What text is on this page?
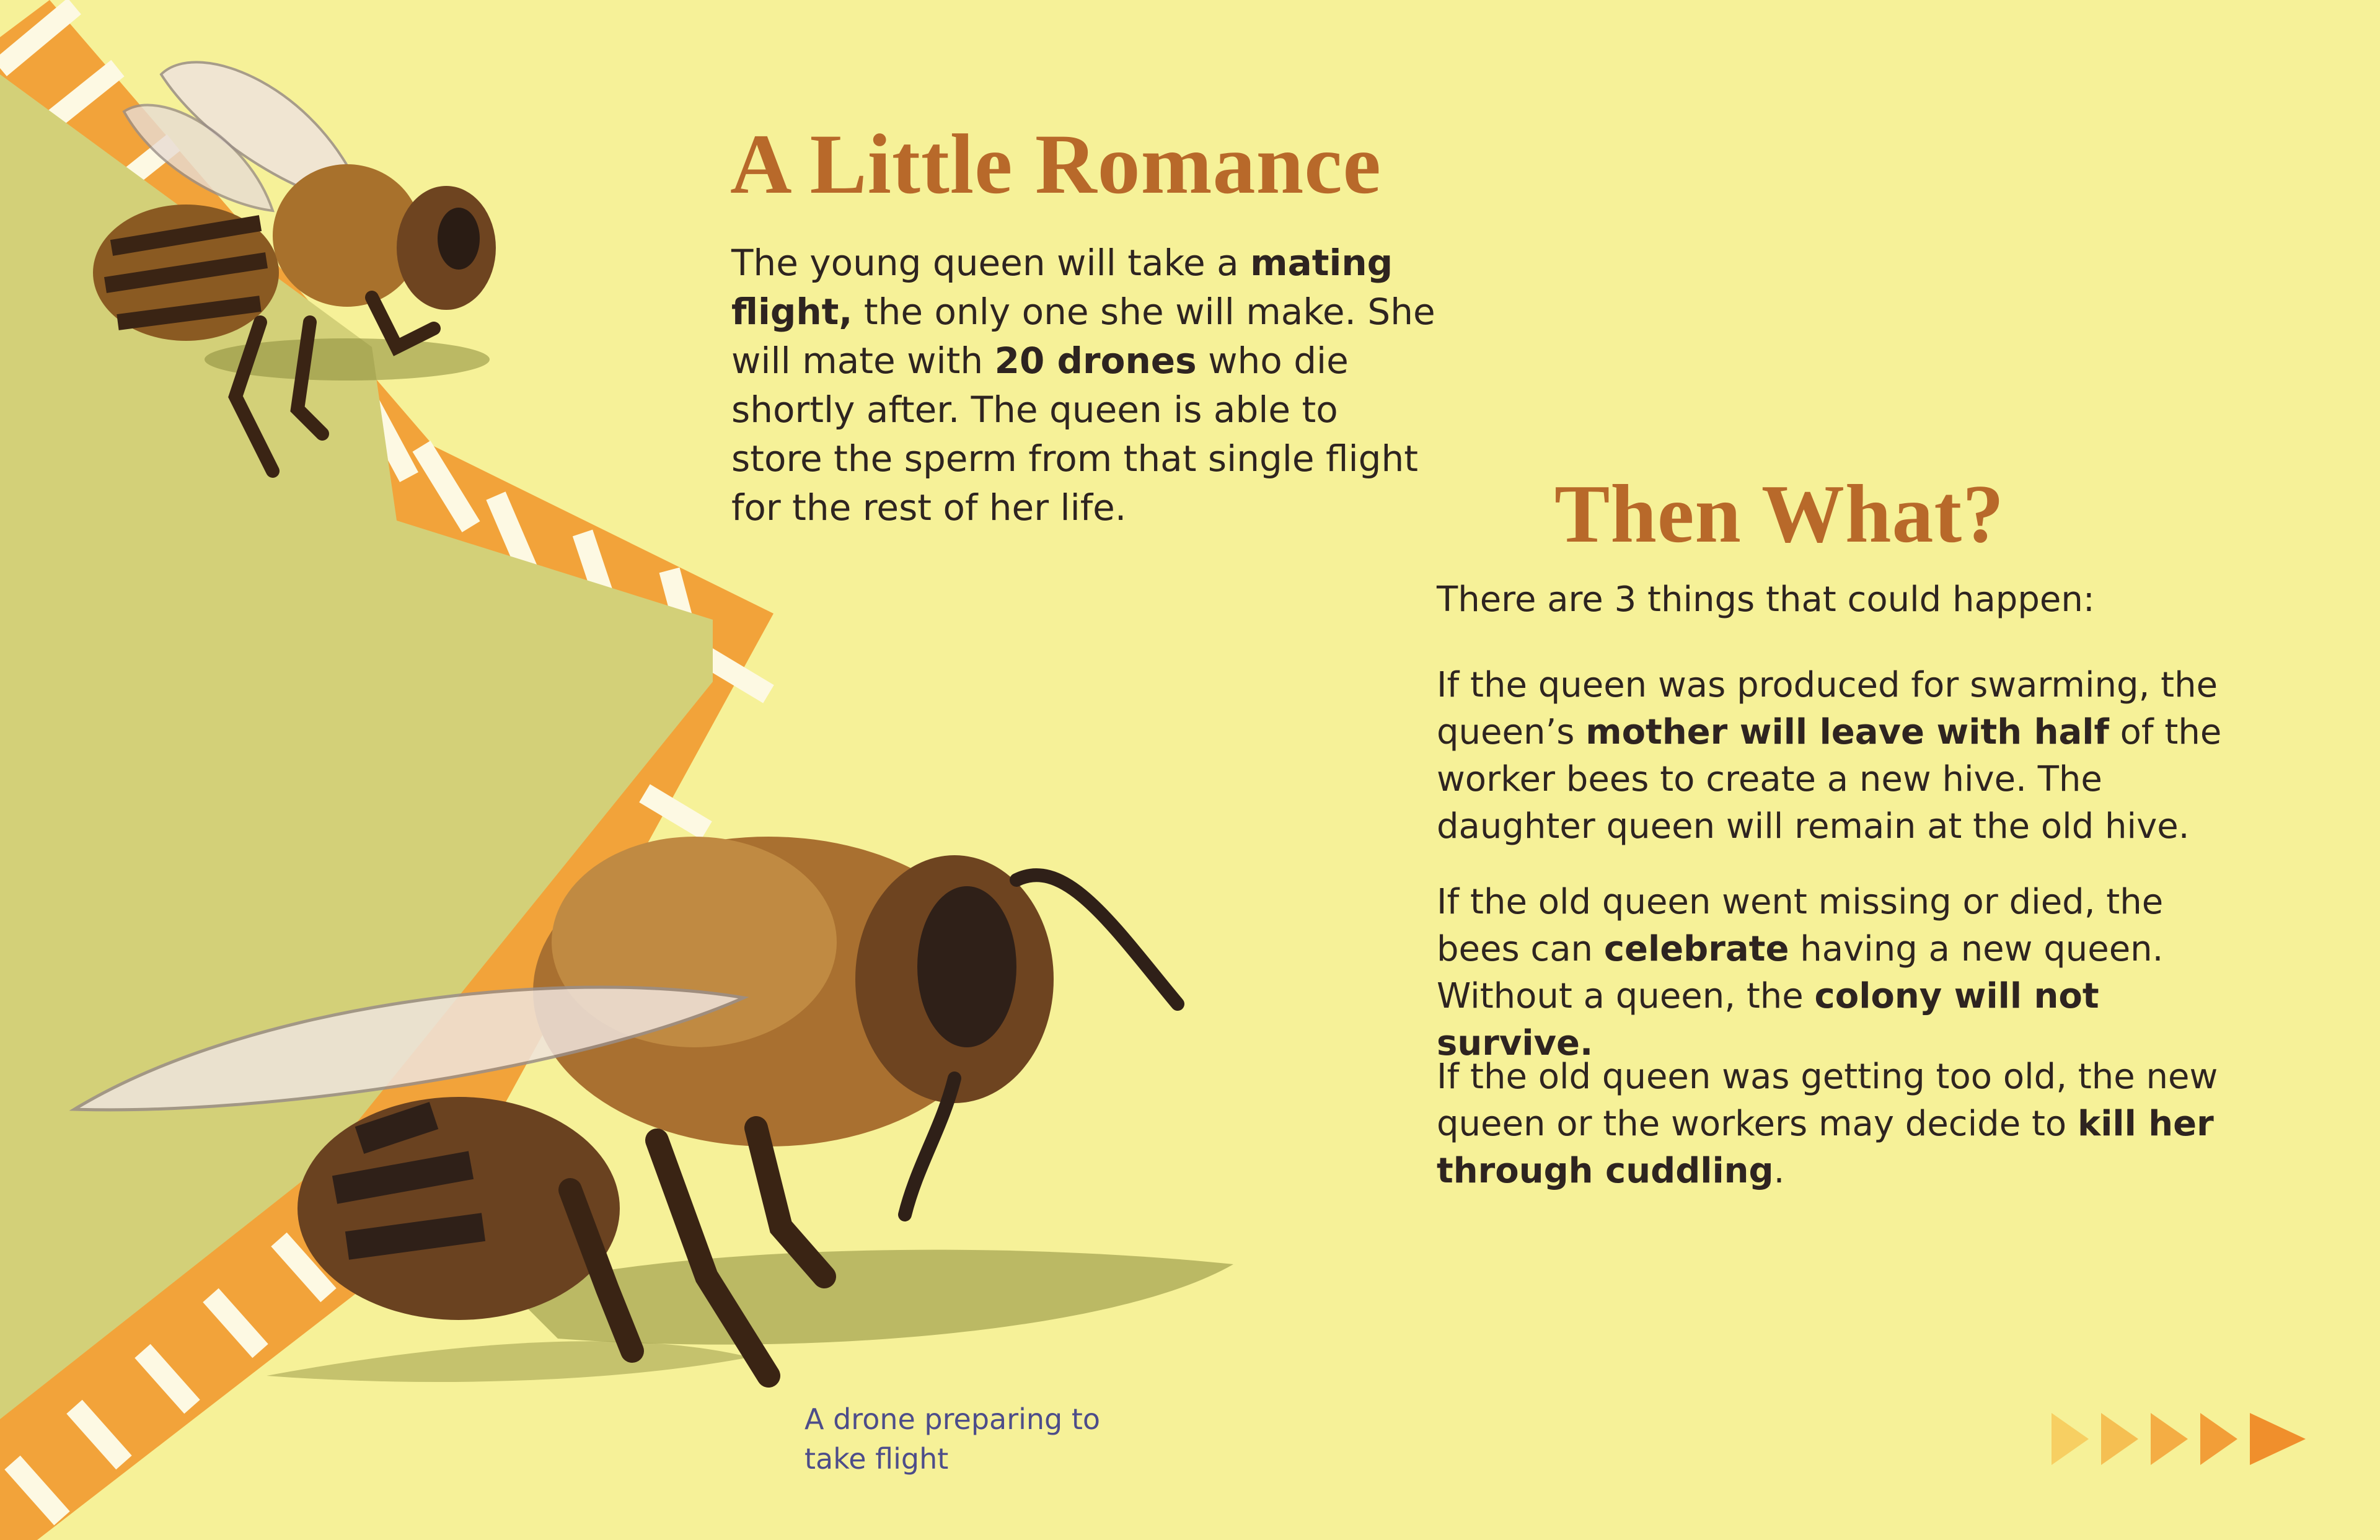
A Little Romance

The young queen will take a mating flight, the only one she will make. She will mate with 20 drones who die shortly after. The queen is able to store the sperm from that single flight for the rest of her life.	Then What?

There are 3 things that could happen:

If the queen was produced for swarming, the queen’s mother will leave with half of the worker bees to create a new hive. The daughter queen will remain at the old hive.

If the old queen went missing or died, the bees can celebrate having a new queen. Without a queen, the colony will not survive.

If the old queen was getting too old, the new queen or the workers may decide to kill her through cuddling.

A drone preparing to take flight
